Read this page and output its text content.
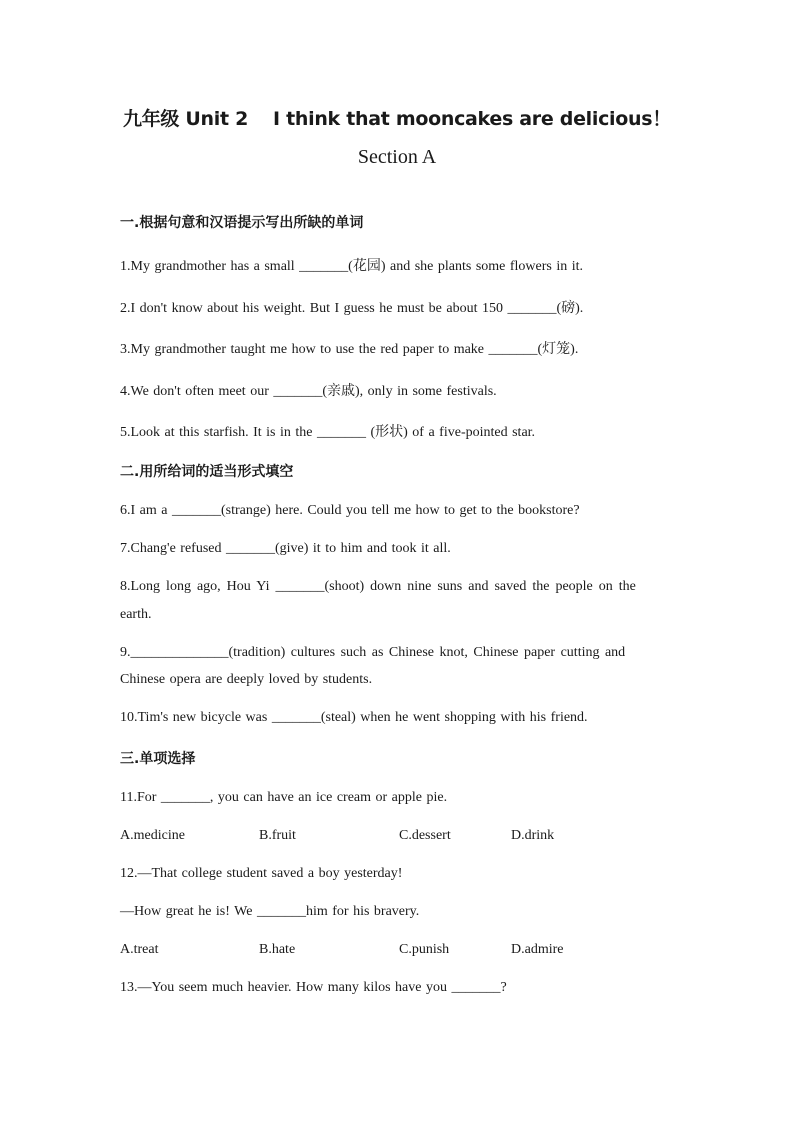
九年级 Unit 2　 I think that mooncakes are delicious！
Section A
一.根据句意和汉语提示写出所缺的单词
1.My grandmother has a small _______(花园) and she plants some flowers in it.
2.I don't know about his weight. But I guess he must be about 150 _______(磅).
3.My grandmother taught me how to use the red paper to make _______(灯笼).
4.We don't often meet our _______(亲戚), only in some festivals.
5.Look at this starfish. It is in the _______ (形状) of a five-pointed star.
二.用所给词的适当形式填空
6.I am a _______(strange) here. Could you tell me how to get to the bookstore?
7.Chang'e refused _______(give) it to him and took it all.
8.Long long ago, Hou Yi _______(shoot) down nine suns and saved the people on the
earth.
9.______________(tradition) cultures such as Chinese knot, Chinese paper cutting and
Chinese opera are deeply loved by students.
10.Tim's new bicycle was _______(steal) when he went shopping with his friend.
三.单项选择
11.For _______, you can have an ice cream or apple pie.
A.medicine	B.fruit	C.dessert	D.drink
12.—That college student saved a boy yesterday!
—How great he is! We _______him for his bravery.
A.treat	B.hate	C.punish	D.admire
13.—You seem much heavier. How many kilos have you _______?
